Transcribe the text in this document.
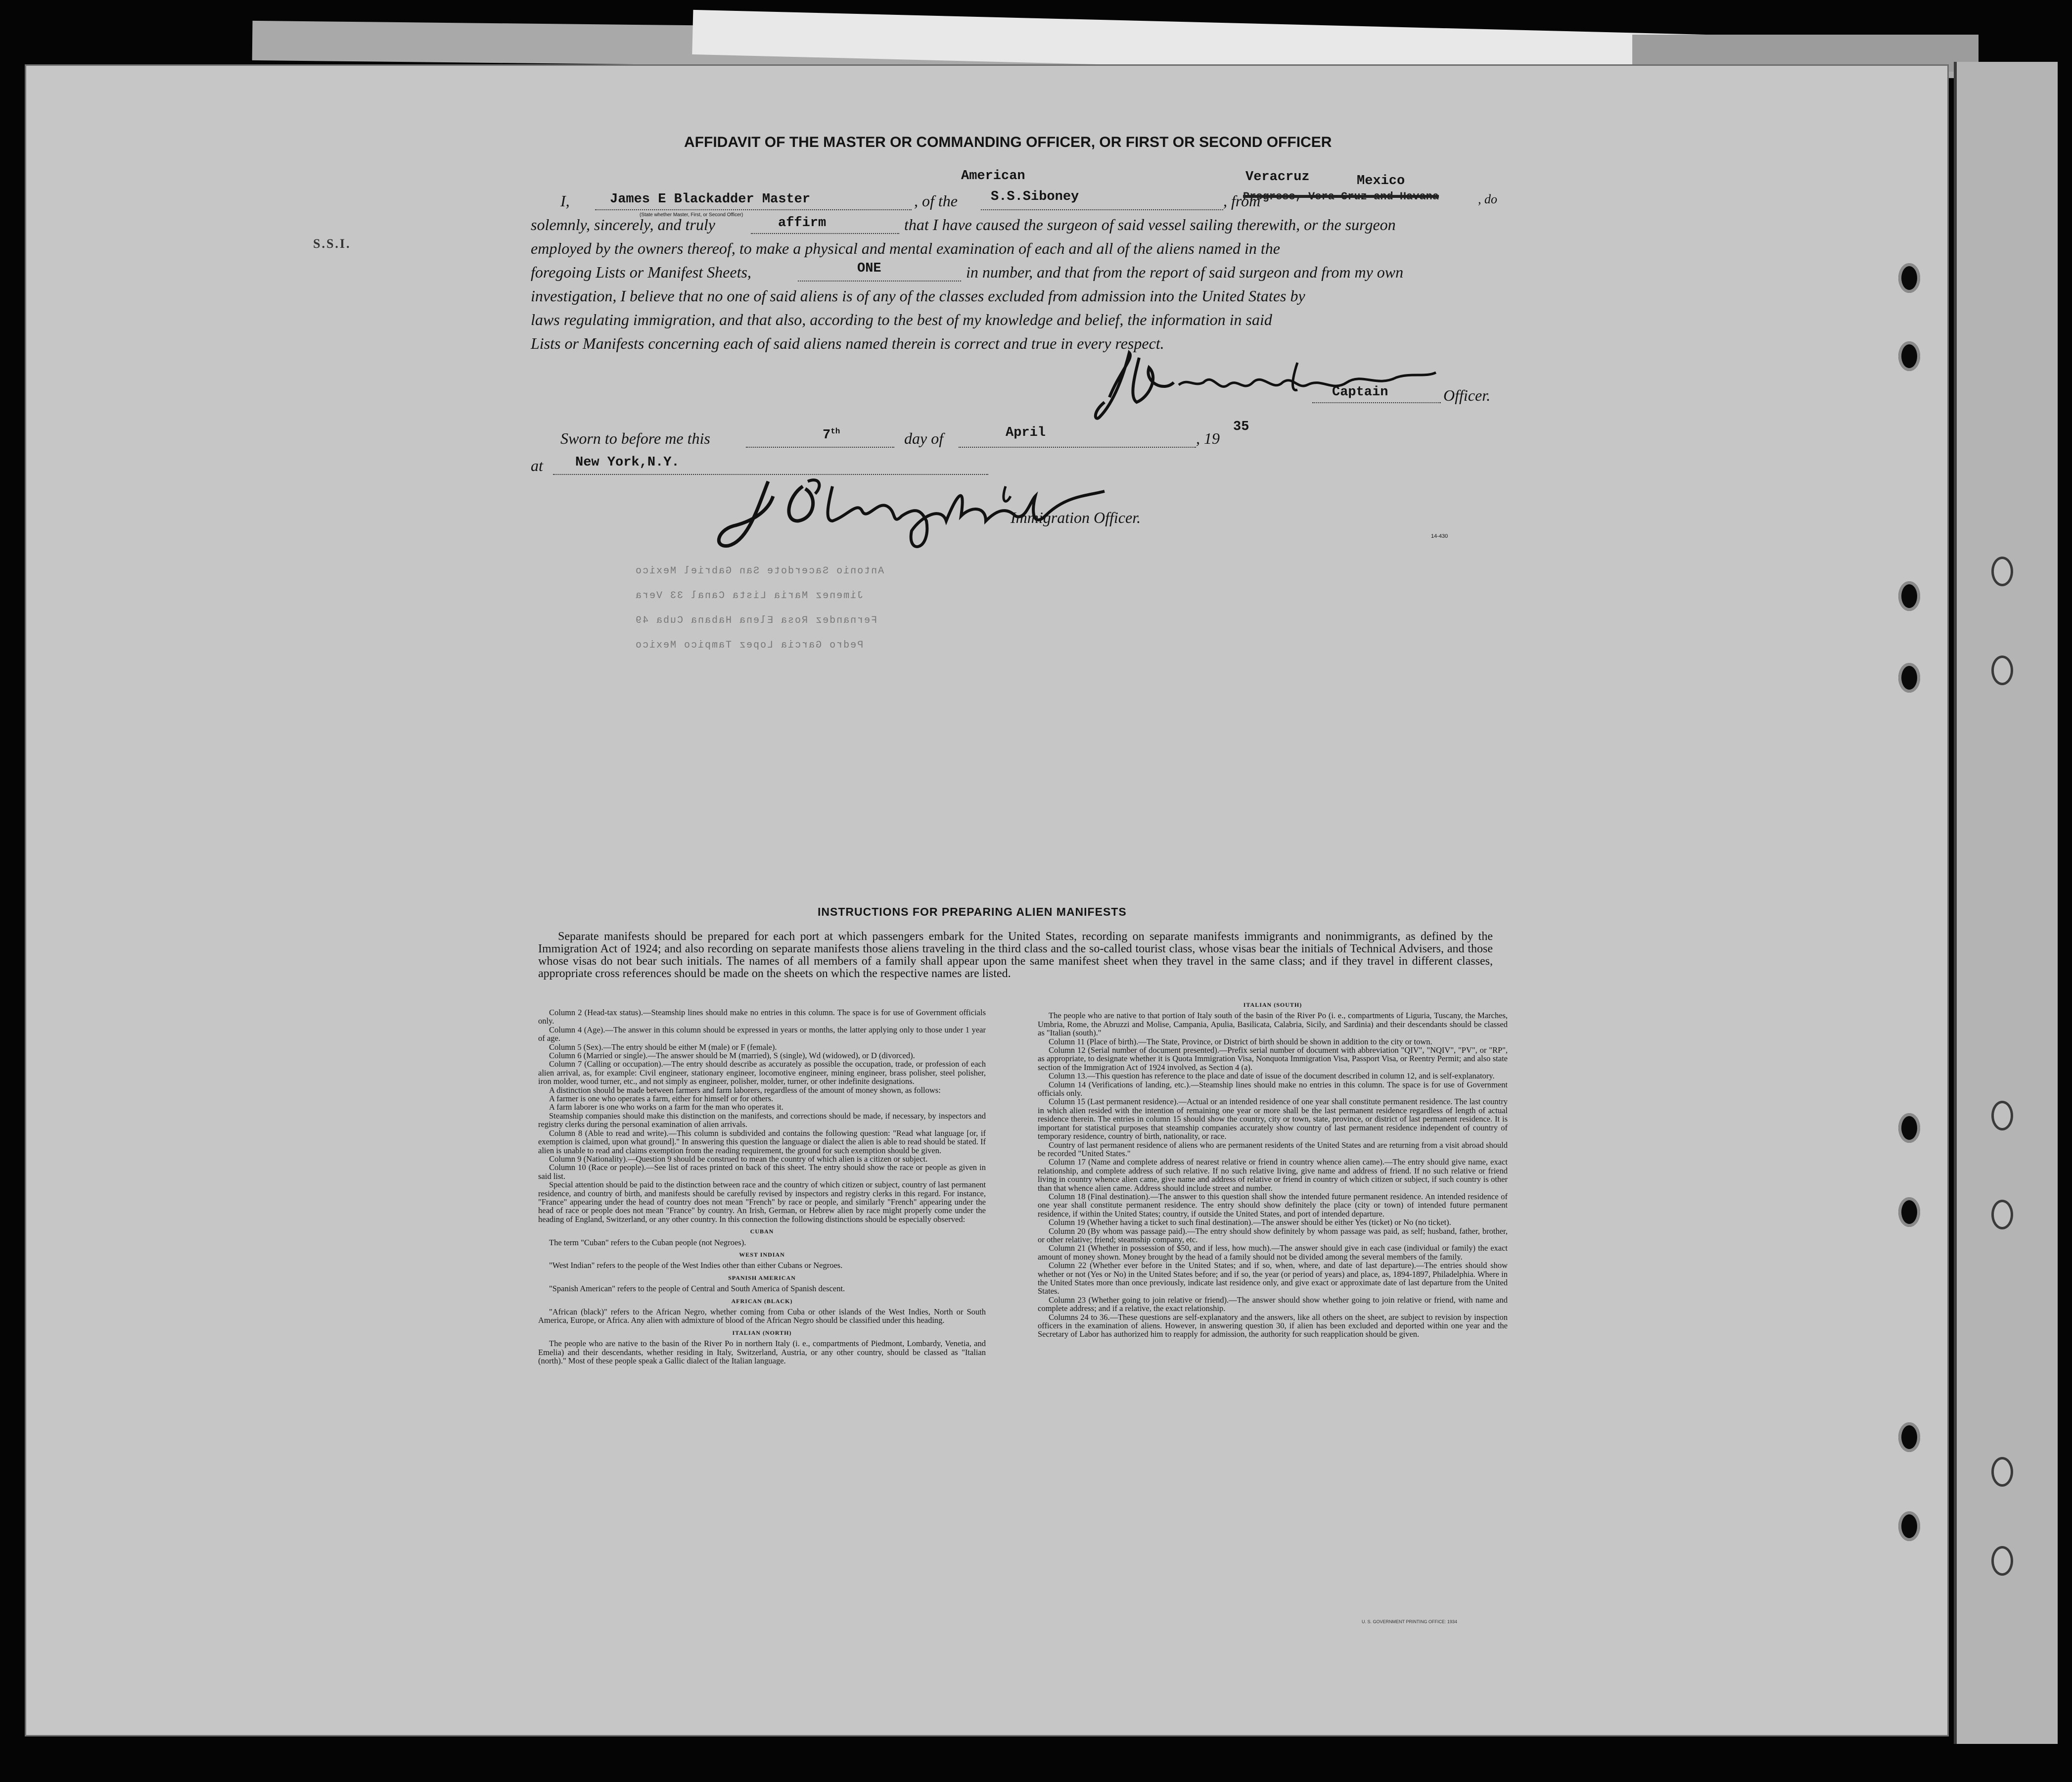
AFFIDAVIT OF THE MASTER OR COMMANDING OFFICER, OR FIRST OR SECOND OFFICER
S.S.I.
I,	James E Blackadder Master
(State whether Master, First, or Second Officer)
, of the
American
S.S.Siboney	, from
Veracruz	Mexico
Progreso, Vera Cruz and Havana	, do
solemnly, sincerely, and truly	affirm	that I have caused the surgeon of said vessel sailing therewith, or the surgeon
employed by the owners thereof, to make a physical and mental examination of each and all of the aliens named in the
foregoing Lists or Manifest Sheets,	ONE	in number, and that from the report of said surgeon and from my own
investigation, I believe that no one of said aliens is of any of the classes excluded from admission into the United States by
laws regulating immigration, and that also, according to the best of my knowledge and belief, the information in said
Lists or Manifests concerning each of said aliens named therein is correct and true in every respect.
Captain	Officer.
Sworn to before me this	7th	day of	April	, 19
35
at New York,N.Y.
Immigration Officer.
14-430
Antonio Sacerdote San Gabriel Mexico
Jimenez Maria Lista Canal 33 Vera
Fernandez Rosa Elena Habana Cuba 49
Pedro Garcia Lopez Tampico Mexico
INSTRUCTIONS FOR PREPARING ALIEN MANIFESTS
Separate manifests should be prepared for each port at which passengers embark for the United States, recording on separate manifests immigrants and nonimmigrants, as defined by the Immigration Act of 1924; and also recording on separate manifests those aliens traveling in the third class and the so-called tourist class, whose visas bear the initials of Technical Advisers, and those whose visas do not bear such initials. The names of all members of a family shall appear upon the same manifest sheet when they travel in the same class; and if they travel in different classes, appropriate cross references should be made on the sheets on which the respective names are listed.

Column 2 (Head-tax status).—Steamship lines should make no entries in this column. The space is for use of Government officials only.

Column 4 (Age).—The answer in this column should be expressed in years or months, the latter applying only to those under 1 year of age.

Column 5 (Sex).—The entry should be either M (male) or F (female).

Column 6 (Married or single).—The answer should be M (married), S (single), Wd (widowed), or D (divorced).

Column 7 (Calling or occupation).—The entry should describe as accurately as possible the occupation, trade, or profession of each alien arrival, as, for example: Civil engineer, stationary engineer, locomotive engineer, mining engineer, brass polisher, steel polisher, iron molder, wood turner, etc., and not simply as engineer, polisher, molder, turner, or other indefinite designations.

A distinction should be made between farmers and farm laborers, regardless of the amount of money shown, as follows:

A farmer is one who operates a farm, either for himself or for others.

A farm laborer is one who works on a farm for the man who operates it.

Steamship companies should make this distinction on the manifests, and corrections should be made, if necessary, by inspectors and registry clerks during the personal examination of alien arrivals.

Column 8 (Able to read and write).—This column is subdivided and contains the following question: "Read what language [or, if exemption is claimed, upon what ground]." In answering this question the language or dialect the alien is able to read should be stated. If alien is unable to read and claims exemption from the reading requirement, the ground for such exemption should be given.

Column 9 (Nationality).—Question 9 should be construed to mean the country of which alien is a citizen or subject.

Column 10 (Race or people).—See list of races printed on back of this sheet. The entry should show the race or people as given in said list.

Special attention should be paid to the distinction between race and the country of which citizen or subject, country of last permanent residence, and country of birth, and manifests should be carefully revised by inspectors and registry clerks in this regard. For instance, "France" appearing under the head of country does not mean "French" by race or people, and similarly "French" appearing under the head of race or people does not mean "France" by country. An Irish, German, or Hebrew alien by race might properly come under the heading of England, Switzerland, or any other country. In this connection the following distinctions should be especially observed:

CUBAN

The term "Cuban" refers to the Cuban people (not Negroes).

WEST INDIAN

"West Indian" refers to the people of the West Indies other than either Cubans or Negroes.

SPANISH AMERICAN

"Spanish American" refers to the people of Central and South America of Spanish descent.

AFRICAN (BLACK)

"African (black)" refers to the African Negro, whether coming from Cuba or other islands of the West Indies, North or South America, Europe, or Africa. Any alien with admixture of blood of the African Negro should be classified under this heading.

ITALIAN (NORTH)

The people who are native to the basin of the River Po in northern Italy (i. e., compartments of Piedmont, Lombardy, Venetia, and Emelia) and their descendants, whether residing in Italy, Switzerland, Austria, or any other country, should be classed as "Italian (north)." Most of these people speak a Gallic dialect of the Italian language.

ITALIAN (SOUTH)

The people who are native to that portion of Italy south of the basin of the River Po (i. e., compartments of Liguria, Tuscany, the Marches, Umbria, Rome, the Abruzzi and Molise, Campania, Apulia, Basilicata, Calabria, Sicily, and Sardinia) and their descendants should be classed as "Italian (south)."

Column 11 (Place of birth).—The State, Province, or District of birth should be shown in addition to the city or town.

Column 12 (Serial number of document presented).—Prefix serial number of document with abbreviation "QIV", "NQIV", "PV", or "RP", as appropriate, to designate whether it is Quota Immigration Visa, Nonquota Immigration Visa, Passport Visa, or Reentry Permit; and also state section of the Immigration Act of 1924 involved, as Section 4 (a).

Column 13.—This question has reference to the place and date of issue of the document described in column 12, and is self-explanatory.

Column 14 (Verifications of landing, etc.).—Steamship lines should make no entries in this column. The space is for use of Government officials only.

Column 15 (Last permanent residence).—Actual or an intended residence of one year shall constitute permanent residence. The last country in which alien resided with the intention of remaining one year or more shall be the last permanent residence regardless of length of actual residence therein. The entries in column 15 should show the country, city or town, state, province, or district of last permanent residence. It is important for statistical purposes that steamship companies accurately show country of last permanent residence independent of country of temporary residence, country of birth, nationality, or race.

Country of last permanent residence of aliens who are permanent residents of the United States and are returning from a visit abroad should be recorded "United States."

Column 17 (Name and complete address of nearest relative or friend in country whence alien came).—The entry should give name, exact relationship, and complete address of such relative. If no such relative living, give name and address of friend. If no such relative or friend living in country whence alien came, give name and address of relative or friend in country of which citizen or subject, if such country is other than that whence alien came. Address should include street and number.

Column 18 (Final destination).—The answer to this question shall show the intended future permanent residence. An intended residence of one year shall constitute permanent residence. The entry should show definitely the place (city or town) of intended future permanent residence, if within the United States; country, if outside the United States, and port of intended departure.

Column 19 (Whether having a ticket to such final destination).—The answer should be either Yes (ticket) or No (no ticket).

Column 20 (By whom was passage paid).—The entry should show definitely by whom passage was paid, as self; husband, father, brother, or other relative; friend; steamship company, etc.

Column 21 (Whether in possession of $50, and if less, how much).—The answer should give in each case (individual or family) the exact amount of money shown. Money brought by the head of a family should not be divided among the several members of the family.

Column 22 (Whether ever before in the United States; and if so, when, where, and date of last departure).—The entries should show whether or not (Yes or No) in the United States before; and if so, the year (or period of years) and place, as, 1894-1897, Philadelphia. Where in the United States more than once previously, indicate last residence only, and give exact or approximate date of last departure from the United States.

Column 23 (Whether going to join relative or friend).—The answer should show whether going to join relative or friend, with name and complete address; and if a relative, the exact relationship.

Columns 24 to 36.—These questions are self-explanatory and the answers, like all others on the sheet, are subject to revision by inspection officers in the examination of aliens. However, in answering question 30, if alien has been excluded and deported within one year and the Secretary of Labor has authorized him to reapply for admission, the authority for such reapplication should be given.

U. S. GOVERNMENT PRINTING OFFICE: 1934
